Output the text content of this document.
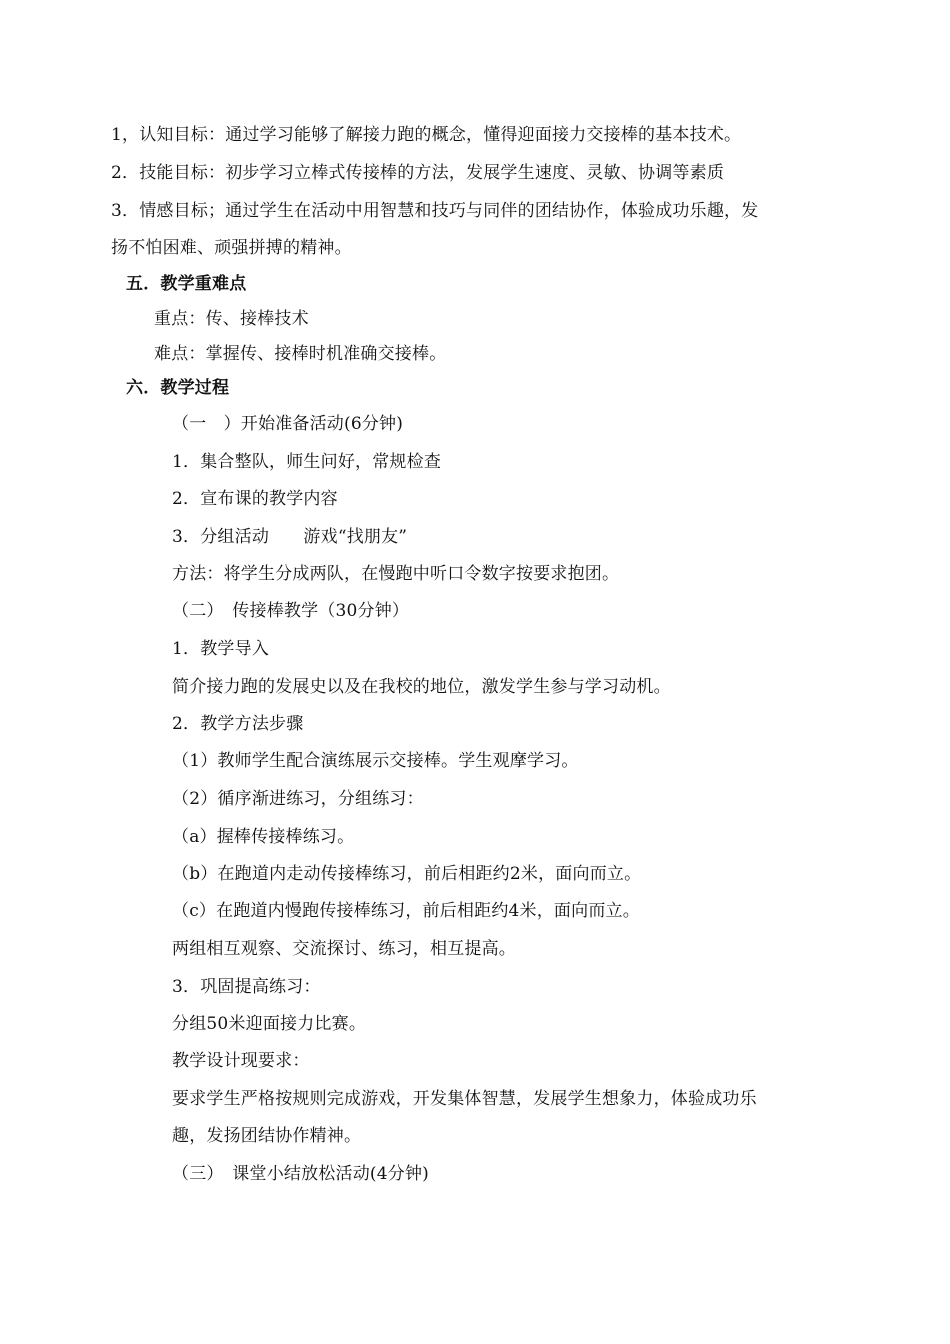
1，认知目标：通过学习能够了解接力跑的概念，懂得迎面接力交接棒的基本技术。
2．技能目标：初步学习立棒式传接棒的方法，发展学生速度、灵敏、协调等素质
3．情感目标；通过学生在活动中用智慧和技巧与同伴的团结协作，体验成功乐趣，发
扬不怕困难、顽强拼搏的精神。
五．教学重难点
重点：传、接棒技术
难点：掌握传、接棒时机准确交接棒。
六．教学过程
（一　）开始准备活动(6分钟)
1．集合整队，师生问好，常规检查
2．宣布课的教学内容
3．分组活动　　游戏“找朋友”
方法：将学生分成两队，在慢跑中听口令数字按要求抱团。
（二）　传接棒教学（30分钟）
1．教学导入
简介接力跑的发展史以及在我校的地位，激发学生参与学习动机。
2．教学方法步骤
（1）教师学生配合演练展示交接棒。学生观摩学习。
（2）循序渐进练习，分组练习：
（a）握棒传接棒练习。
（b）在跑道内走动传接棒练习，前后相距约2米，面向而立。
（c）在跑道内慢跑传接棒练习，前后相距约4米，面向而立。
两组相互观察、交流探讨、练习，相互提高。
3．巩固提高练习：
分组50米迎面接力比赛。
教学设计现要求：
要求学生严格按规则完成游戏，开发集体智慧，发展学生想象力，体验成功乐
趣，发扬团结协作精神。
（三）　课堂小结放松活动(4分钟)
